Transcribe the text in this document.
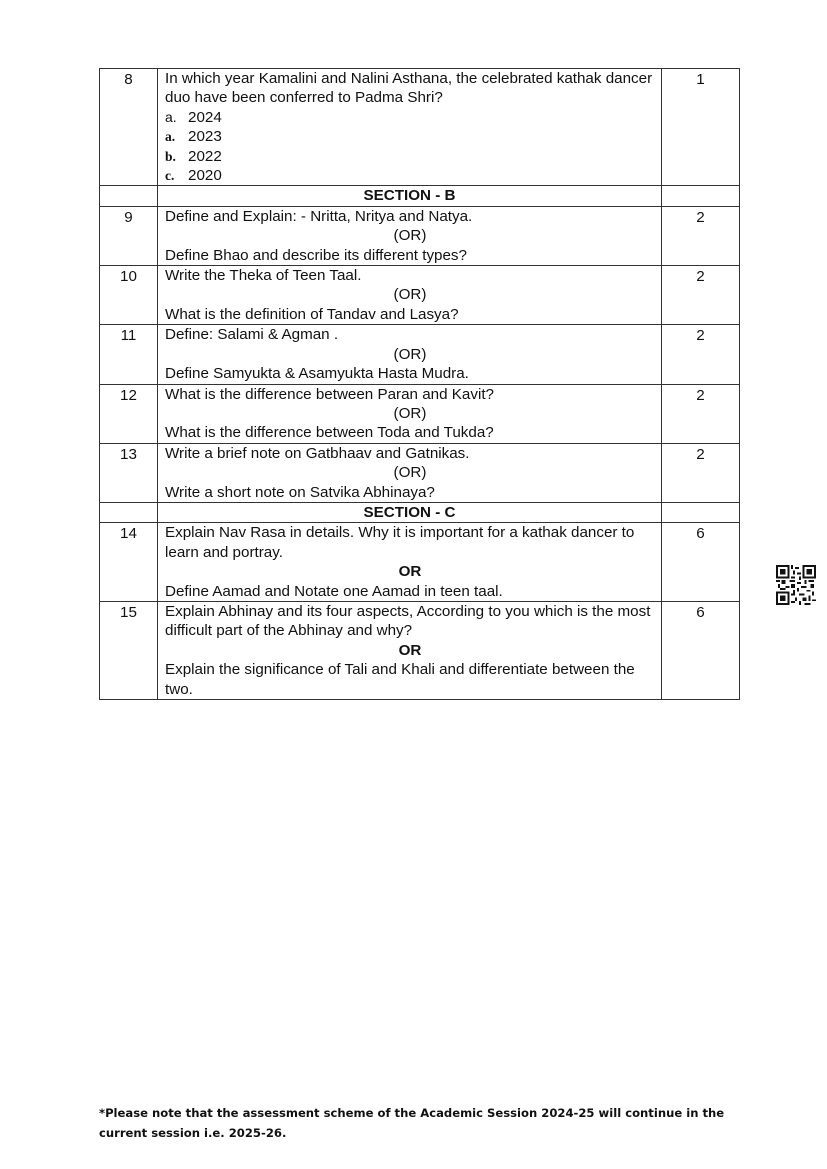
8	In which year Kamalini and Nalini Asthana, the celebrated kathak dancer duo have been conferred to Padma Shri?
a. 2024
a. 2023
b. 2022
c. 2020	1
	SECTION - B	
9	Define and Explain: - Nritta, Nritya and Natya.
(OR)
Define Bhao and describe its different types?	2
10	Write the Theka of Teen Taal.
(OR)
What is the definition of Tandav and Lasya?	2
11	Define: Salami & Agman .
(OR)
Define Samyukta & Asamyukta Hasta Mudra.	2
12	What is the difference between Paran and Kavit?
(OR)
What is the difference between Toda and Tukda?	2
13	Write a brief note on Gatbhaav and Gatnikas.
(OR)
Write a short note on Satvika Abhinaya?	2
	SECTION - C	
14	Explain Nav Rasa in details. Why it is important for a kathak dancer to learn and portray.
OR
Define Aamad and Notate one Aamad in teen taal.	6
15	Explain Abhinay and its four aspects, According to you which is the most difficult part of the Abhinay and why?
OR
Explain the significance of Tali and Khali and differentiate between the two.	6
*Please note that the assessment scheme of the Academic Session 2024-25 will continue in the current session i.e. 2025-26.
